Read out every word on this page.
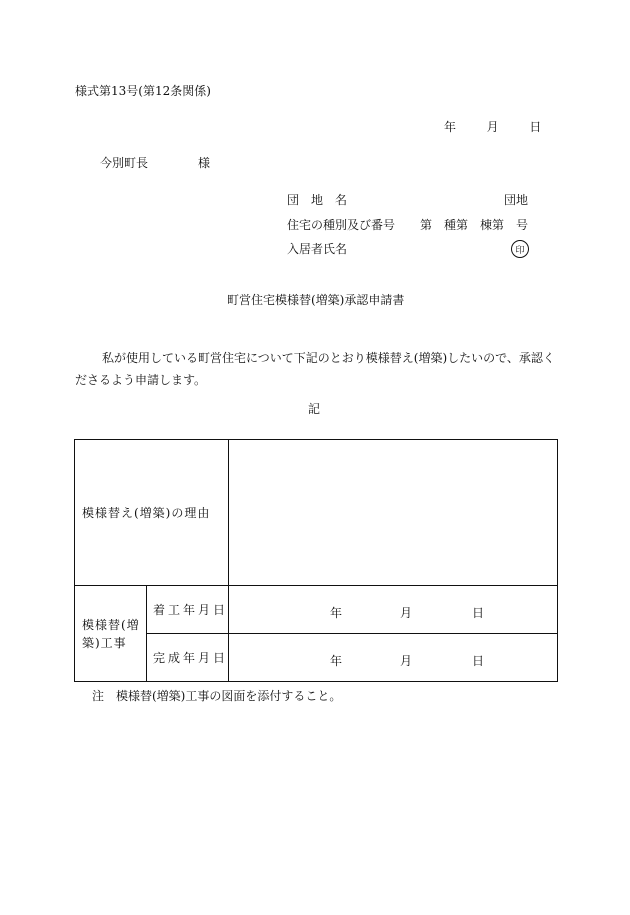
様式第13号(第12条関係)
年	月	日
今別町長	様
団　地　名	団地
住宅の種別及び番号 第　種第　棟第　号
入居者氏名	印
町営住宅模様替(増築)承認申請書
私が使用している町営住宅について下記のとおり模様替え(増築)したいので、承認くださるよう申請します。
記
模様替え(増築)の理由		
模様替(増築)工事	着工年月日	年 月 日

	完成年月日	年 月 日
注　模様替(増築)工事の図面を添付すること。
